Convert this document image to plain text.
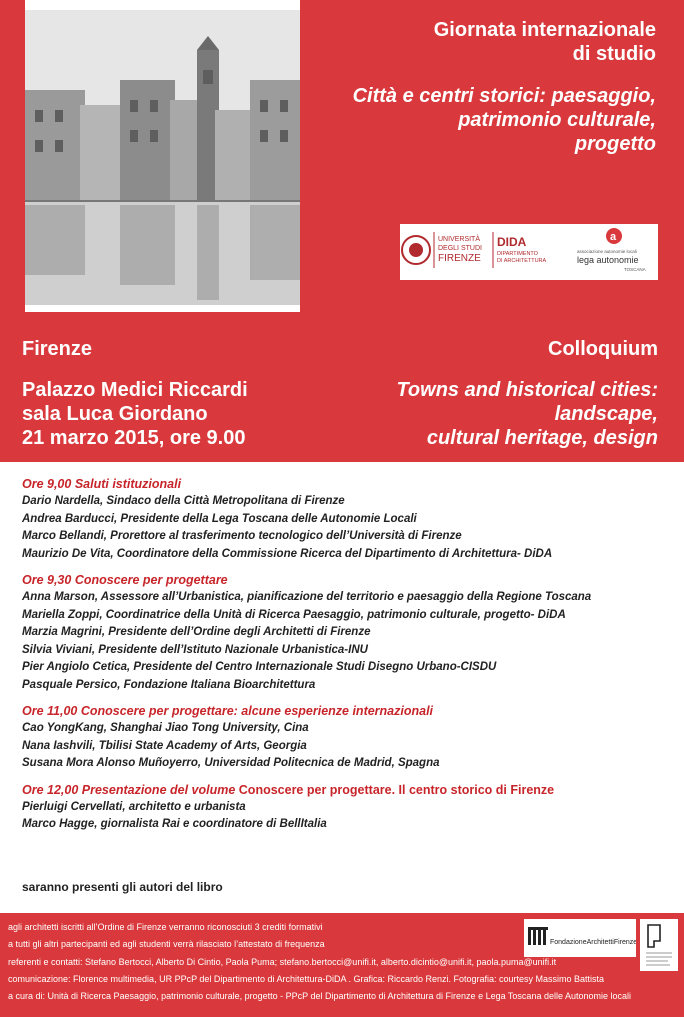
Giornata internazionale
di studio
Città e centri storici: paesaggio,
patrimonio culturale,
progetto
UNIVERSITÀ
DEGLI STUDI
FIRENZE
DIDA
DIPARTIMENTO
DI ARCHITETTURA
a
associazione autonomie locali
lega autonomie
TOSCANA
Firenze
Palazzo Medici Riccardi
sala Luca Giordano
21 marzo 2015, ore 9.00
Colloquium
Towns and historical cities:
landscape,
cultural heritage, design
Ore 9,00 Saluti istituzionali
Dario Nardella, Sindaco della Città Metropolitana di Firenze
Andrea Barducci, Presidente della Lega Toscana delle Autonomie Locali
Marco Bellandi, Prorettore al trasferimento tecnologico dell’Università di Firenze
Maurizio De Vita, Coordinatore della Commissione Ricerca del Dipartimento di Architettura- DiDA
Ore 9,30 Conoscere per progettare
Anna Marson, Assessore all’Urbanistica, pianificazione del territorio e paesaggio della Regione Toscana
Mariella Zoppi, Coordinatrice della Unità di Ricerca Paesaggio, patrimonio culturale, progetto- DiDA
Marzia Magrini, Presidente dell’Ordine degli Architetti di Firenze
Silvia Viviani, Presidente dell’Istituto Nazionale Urbanistica-INU
Pier Angiolo Cetica, Presidente del Centro Internazionale Studi Disegno Urbano-CISDU
Pasquale Persico, Fondazione Italiana Bioarchitettura
Ore 11,00 Conoscere per progettare: alcune esperienze internazionali
Cao YongKang, Shanghai Jiao Tong University, Cina
Nana Iashvili, Tbilisi State Academy of Arts, Georgia
Susana Mora Alonso Muñoyerro, Universidad Politecnica de Madrid, Spagna
Ore 12,00 Presentazione del volume Conoscere per progettare. Il centro storico di Firenze
Pierluigi Cervellati, architetto e urbanista
Marco Hagge, giornalista Rai e coordinatore di BellItalia
saranno presenti gli autori del libro
agli architetti iscritti all’Ordine di Firenze verranno riconosciuti 3 crediti formativi
a tutti gli altri partecipanti ed agli studenti verrà rilasciato l’attestato di frequenza
referenti e contatti: Stefano Bertocci, Alberto Di Cintio, Paola Puma; stefano.bertocci@unifi.it, alberto.dicintio@unifi.it, paola.puma@unifi.it
comunicazione: Florence multimedia, UR PPcP del Dipartimento di Architettura-DiDA . Grafica: Riccardo Renzi. Fotografia: courtesy Massimo Battista
a cura di: Unità di Ricerca Paesaggio, patrimonio culturale, progetto - PPcP del Dipartimento di Architettura di Firenze e Lega Toscana delle Autonomie locali
FondazioneArchitettiFirenze
